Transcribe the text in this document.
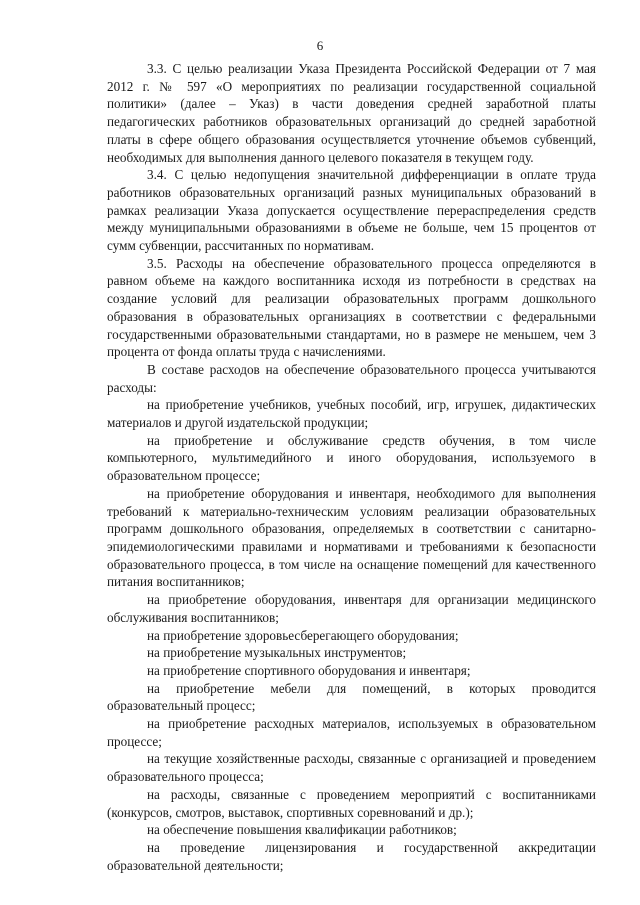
6

3.3. С целью реализации Указа Президента Российской Федерации от 7 мая 2012 г. № 597 «О мероприятиях по реализации государственной социальной политики» (далее – Указ) в части доведения средней заработной платы педагогических работников образовательных организаций до средней заработной платы в сфере общего образования осуществляется уточнение объемов субвенций, необходимых для выполнения данного целевого показателя в текущем году.

3.4. С целью недопущения значительной дифференциации в оплате труда работников образовательных организаций разных муниципальных образований в рамках реализации Указа допускается осуществление перераспределения средств между муниципальными образованиями в объеме не больше, чем 15 процентов от сумм субвенции, рассчитанных по нормативам.

3.5. Расходы на обеспечение образовательного процесса определяются в равном объеме на каждого воспитанника исходя из потребности в средствах на создание условий для реализации образовательных программ дошкольного образования в образовательных организациях в соответствии с федеральными государственными образовательными стандартами, но в размере не меньшем, чем 3 процента от фонда оплаты труда с начислениями.

В составе расходов на обеспечение образовательного процесса учитываются расходы:

на приобретение учебников, учебных пособий, игр, игрушек, дидактических материалов и другой издательской продукции;

на приобретение и обслуживание средств обучения, в том числе компьютерного, мультимедийного и иного оборудования, используемого в образовательном процессе;

на приобретение оборудования и инвентаря, необходимого для выполнения требований к материально-техническим условиям реализации образовательных программ дошкольного образования, определяемых в соответствии с санитарно-эпидемиологическими правилами и нормативами и требованиями к безопасности образовательного процесса, в том числе на оснащение помещений для качественного питания воспитанников;

на приобретение оборудования, инвентаря для организации медицинского обслуживания воспитанников;

на приобретение здоровьесберегающего оборудования;

на приобретение музыкальных инструментов;

на приобретение спортивного оборудования и инвентаря;

на приобретение мебели для помещений, в которых проводится образовательный процесс;

на приобретение расходных материалов, используемых в образовательном процессе;

на текущие хозяйственные расходы, связанные с организацией и проведением образовательного процесса;

на расходы, связанные с проведением мероприятий с воспитанниками (конкурсов, смотров, выставок, спортивных соревнований и др.);

на обеспечение повышения квалификации работников;

на проведение лицензирования и государственной аккредитации образовательной деятельности;
